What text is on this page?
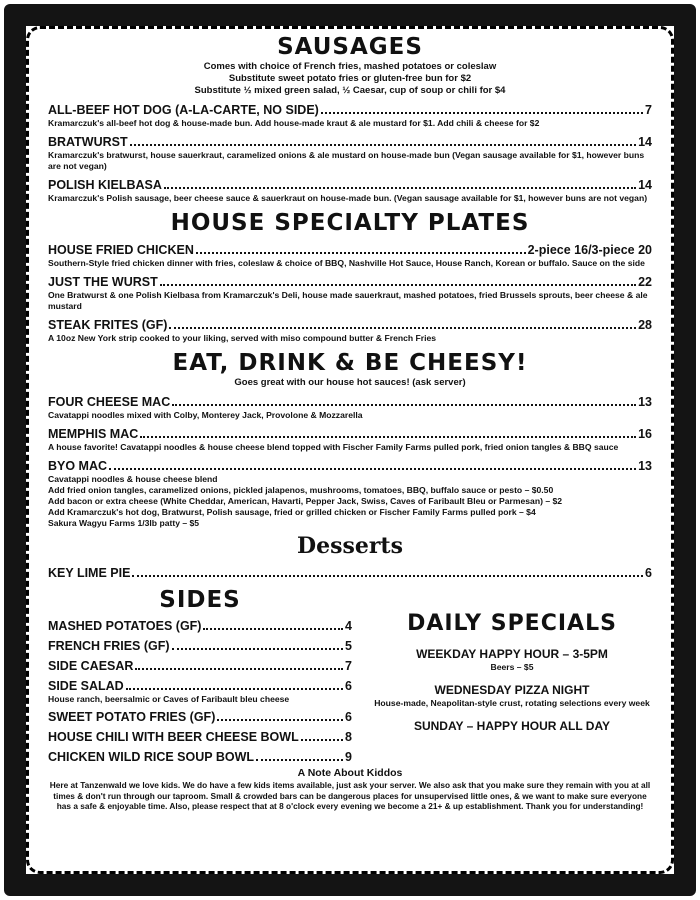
SAUSAGES
Comes with choice of French fries, mashed potatoes or coleslaw
Substitute sweet potato fries or gluten-free bun for $2
Substitute ½ mixed green salad, ½ Caesar, cup of soup or chili for $4
ALL-BEEF HOT DOG (A-LA-CARTE, NO SIDE)	7
Kramarczuk's all-beef hot dog & house-made bun. Add house-made kraut & ale mustard for $1. Add chili & cheese for $2
BRATWURST	14
Kramarczuk's bratwurst, house sauerkraut, caramelized onions & ale mustard on house-made bun (Vegan sausage available for $1, however buns are not vegan)
POLISH KIELBASA	14
Kramarczuk's Polish sausage, beer cheese sauce & sauerkraut on house-made bun. (Vegan sausage available for $1, however buns are not vegan)
HOUSE SPECIALTY PLATES
HOUSE FRIED CHICKEN	2-piece 16/3-piece 20
Southern-Style fried chicken dinner with fries, coleslaw & choice of BBQ, Nashville Hot Sauce, House Ranch, Korean or buffalo. Sauce on the side
JUST THE WURST	22
One Bratwurst & one Polish Kielbasa from Kramarczuk's Deli, house made sauerkraut, mashed potatoes, fried Brussels sprouts, beer cheese & ale mustard
STEAK FRITES (GF)	28
A 10oz New York strip cooked to your liking, served with miso compound butter & French Fries
EAT, DRINK & BE CHEESY!
Goes great with our house hot sauces! (ask server)
FOUR CHEESE MAC	13
Cavatappi noodles mixed with Colby, Monterey Jack, Provolone & Mozzarella
MEMPHIS MAC	16
A house favorite! Cavatappi noodles & house cheese blend topped with Fischer Family Farms pulled pork, fried onion tangles & BBQ sauce
BYO MAC	13
Cavatappi noodles & house cheese blend
Add fried onion tangles, caramelized onions, pickled jalapenos, mushrooms, tomatoes, BBQ, buffalo sauce or pesto – $0.50
Add bacon or extra cheese (White Cheddar, American, Havarti, Pepper Jack, Swiss, Caves of Faribault Bleu or Parmesan) – $2
Add Kramarczuk's hot dog, Bratwurst, Polish sausage, fried or grilled chicken or Fischer Family Farms pulled pork – $4
Sakura Wagyu Farms 1/3lb patty – $5
Desserts
KEY LIME PIE	6
SIDES
MASHED POTATOES (GF)	4
FRENCH FRIES (GF)	5
SIDE CAESAR	7
SIDE SALAD	6
House ranch, beersalmic or Caves of Faribault bleu cheese
SWEET POTATO FRIES (GF)	6
HOUSE CHILI WITH BEER CHEESE BOWL	8
CHICKEN WILD RICE SOUP BOWL	9
DAILY SPECIALS
WEEKDAY HAPPY HOUR – 3-5PM
Beers – $5
WEDNESDAY PIZZA NIGHT
House-made, Neapolitan-style crust, rotating selections every week
SUNDAY – HAPPY HOUR ALL DAY
A Note About Kiddos
Here at Tanzenwald we love kids. We do have a few kids items available, just ask your server. We also ask that you make sure they remain with you at all times & don't run through our taproom. Small & crowded bars can be dangerous places for unsupervised little ones, & we want to make sure everyone has a safe & enjoyable time. Also, please respect that at 8 o'clock every evening we become a 21+ & up establishment. Thank you for understanding!
